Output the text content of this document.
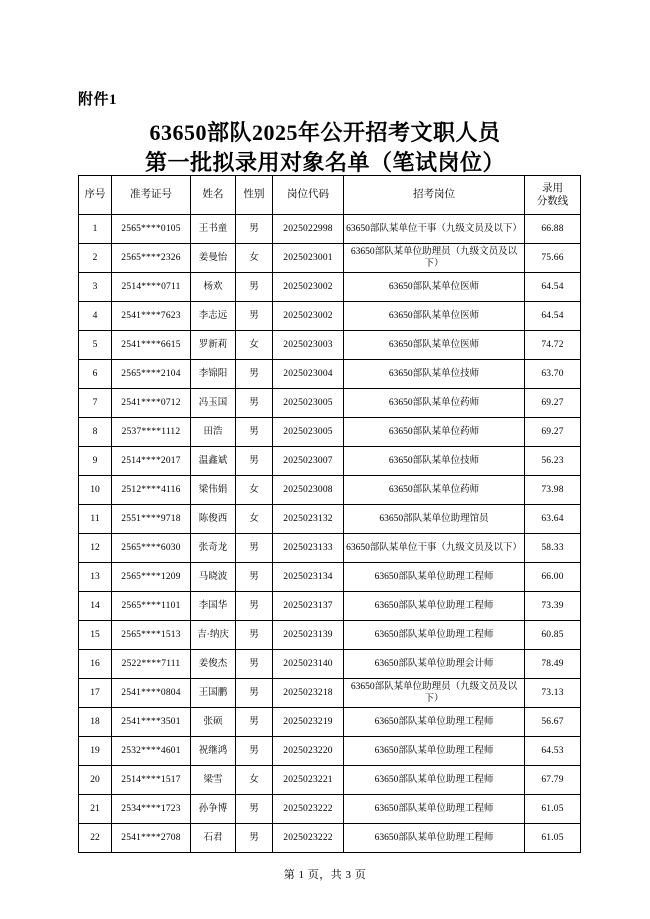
附件1
63650部队2025年公开招考文职人员
第一批拟录用对象名单（笔试岗位）
序号	准考证号	姓名	性别	岗位代码	招考岗位	录用
分数线

1	2565****0105	王书童	男	2025022998	63650部队某单位干事（九级文员及以下）	66.88
2	2565****2326	姜曼怡	女	2025023001	63650部队某单位助理员（九级文员及以下）	75.66
3	2514****0711	杨欢	男	2025023002	63650部队某单位医师	64.54
4	2541****7623	李志远	男	2025023002	63650部队某单位医师	64.54
5	2541****6615	罗新莉	女	2025023003	63650部队某单位医师	74.72
6	2565****2104	李锦阳	男	2025023004	63650部队某单位技师	63.70
7	2541****0712	冯玉国	男	2025023005	63650部队某单位药师	69.27
8	2537****1112	田浩	男	2025023005	63650部队某单位药师	69.27
9	2514****2017	温鑫斌	男	2025023007	63650部队某单位技师	56.23
10	2512****4116	梁伟娟	女	2025023008	63650部队某单位药师	73.98
11	2551****9718	陈俊西	女	2025023132	63650部队某单位助理馆员	63.64
12	2565****6030	张奇龙	男	2025023133	63650部队某单位干事（九级文员及以下）	58.33
13	2565****1209	马晓波	男	2025023134	63650部队某单位助理工程师	66.00
14	2565****1101	李国华	男	2025023137	63650部队某单位助理工程师	73.39
15	2565****1513	吉·纳庆	男	2025023139	63650部队某单位助理工程师	60.85
16	2522****7111	姜俊杰	男	2025023140	63650部队某单位助理会计师	78.49
17	2541****0804	王国鹏	男	2025023218	63650部队某单位助理员（九级文员及以下）	73.13
18	2541****3501	张硕	男	2025023219	63650部队某单位助理工程师	56.67
19	2532****4601	祝继鸿	男	2025023220	63650部队某单位助理工程师	64.53
20	2514****1517	梁雪	女	2025023221	63650部队某单位助理工程师	67.79
21	2534****1723	孙争博	男	2025023222	63650部队某单位助理工程师	61.05
22	2541****2708	石君	男	2025023222	63650部队某单位助理工程师	61.05
第 1 页，共 3 页
